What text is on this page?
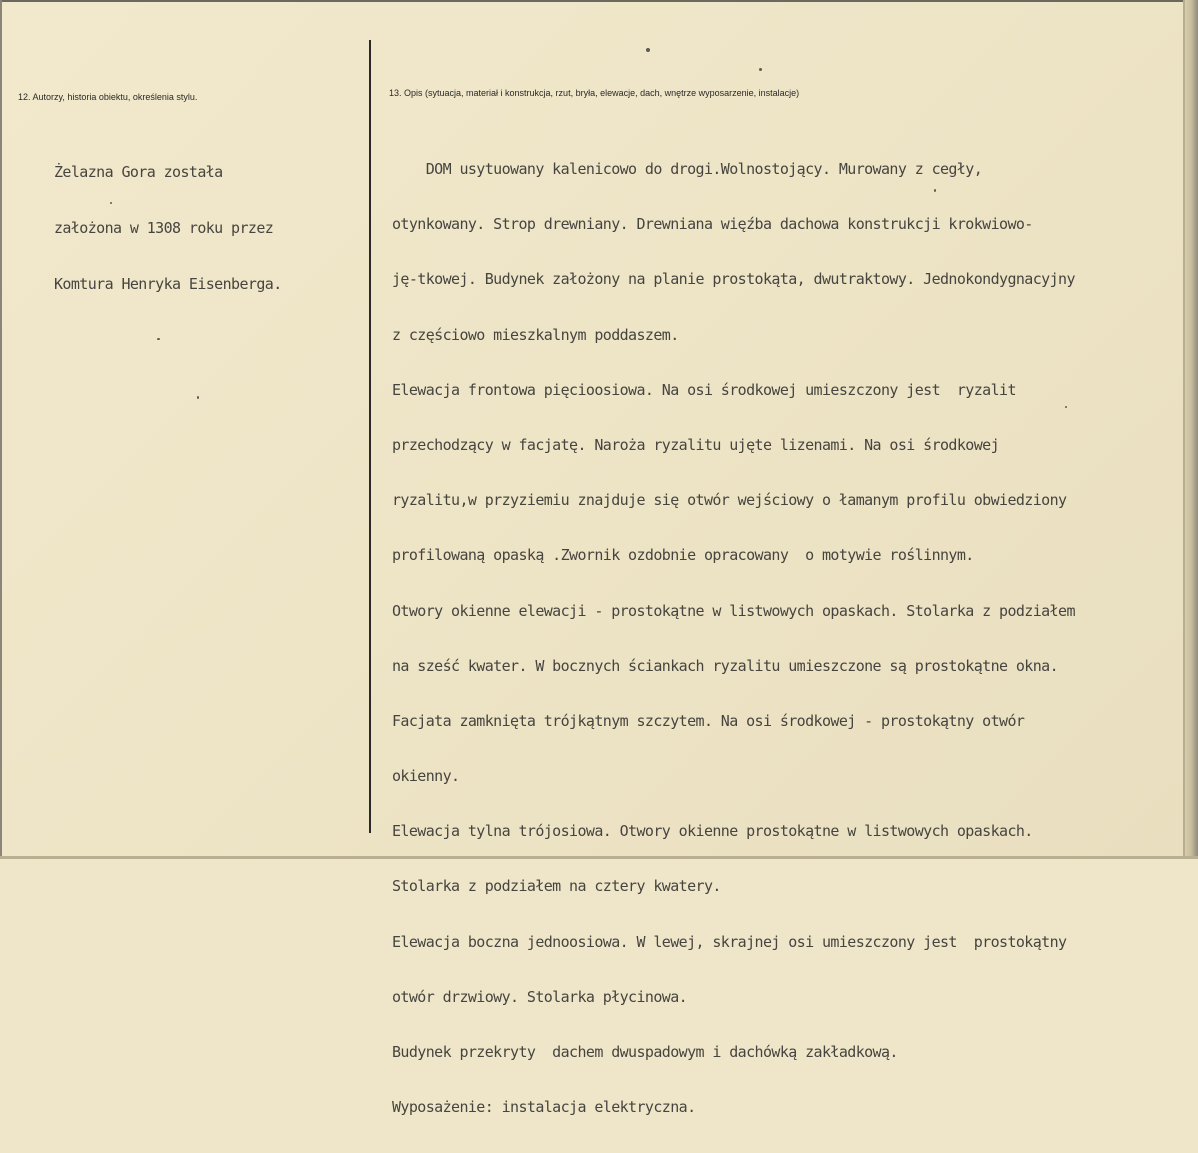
12. Autorzy, historia obiektu, określenia stylu.	13. Opis (sytuacja, materiał i konstrukcja, rzut, bryła, elewacje, dach, wnętrze wyposarzenie, instalacje)

Żelazna Gora została

założona w 1308 roku przez

Komtura Henryka Eisenberga.

DOM usytuowany kalenicowo do drogi.Wolnostojący. Murowany z cegły,

otynkowany. Strop drewniany. Drewniana więźba dachowa konstrukcji krokwiowo-

ję-tkowej. Budynek założony na planie prostokąta, dwutraktowy. Jednokondygnacyjny

z częściowo mieszkalnym poddaszem.

Elewacja frontowa pięcioosiowa. Na osi środkowej umieszczony jest  ryzalit

przechodzący w facjatę. Naroża ryzalitu ujęte lizenami. Na osi środkowej

ryzalitu,w przyziemiu znajduje się otwór wejściowy o łamanym profilu obwiedziony

profilowaną opaską .Zwornik ozdobnie opracowany  o motywie roślinnym.

Otwory okienne elewacji - prostokątne w listwowych opaskach. Stolarka z podziałem

na sześć kwater. W bocznych ściankach ryzalitu umieszczone są prostokątne okna.

Facjata zamknięta trójkątnym szczytem. Na osi środkowej - prostokątny otwór

okienny.

Elewacja tylna trójosiowa. Otwory okienne prostokątne w listwowych opaskach.

Stolarka z podziałem na cztery kwatery.

Elewacja boczna jednoosiowa. W lewej, skrajnej osi umieszczony jest  prostokątny

otwór drzwiowy. Stolarka płycinowa.

Budynek przekryty  dachem dwuspadowym i dachówką zakładkową.

Wyposażenie: instalacja elektryczna.
